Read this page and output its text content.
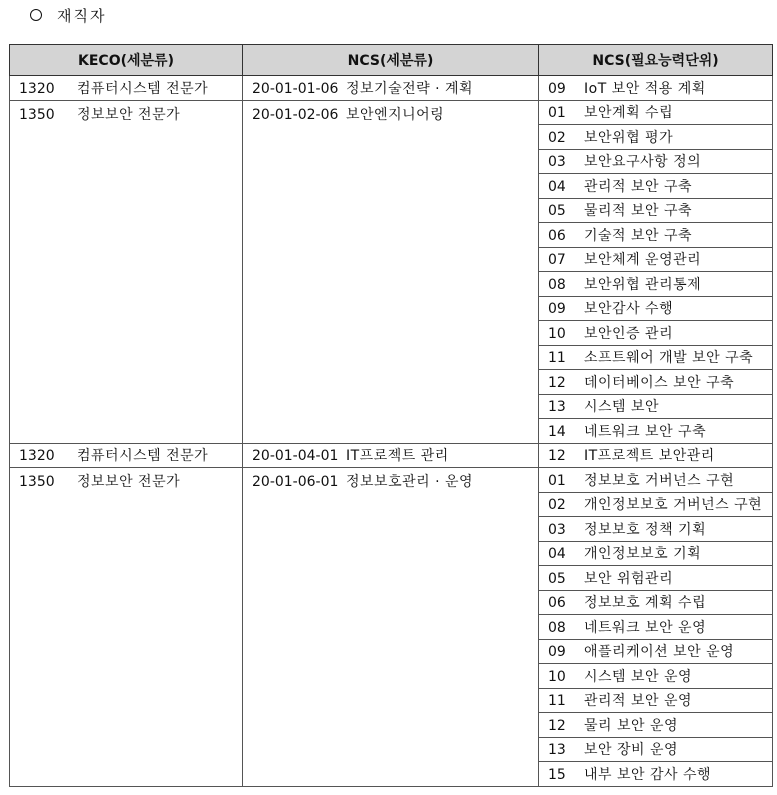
재직자
KECO(세분류)	NCS(세분류)	NCS(필요능력단위)
1320 컴퓨터시스템 전문가	20-01-01-06 정보기술전략 · 계획	09 IoT 보안 적용 계획
1350 정보보안 전문가	20-01-02-06 보안엔지니어링	01 보안계획 수립
		02 보안위협 평가
		03 보안요구사항 정의
		04 관리적 보안 구축
		05 물리적 보안 구축
		06 기술적 보안 구축
		07 보안체계 운영관리
		08 보안위협 관리통제
		09 보안감사 수행
		10 보안인증 관리
		11 소프트웨어 개발 보안 구축
		12 데이터베이스 보안 구축
		13 시스템 보안
		14 네트워크 보안 구축
1320 컴퓨터시스템 전문가	20-01-04-01 IT프로젝트 관리	12 IT프로젝트 보안관리
1350 정보보안 전문가	20-01-06-01 정보보호관리 · 운영	01 정보보호 거버넌스 구현
		02 개인정보보호 거버넌스 구현
		03 정보보호 정책 기획
		04 개인정보보호 기획
		05 보안 위험관리
		06 정보보호 계획 수립
		08 네트워크 보안 운영
		09 애플리케이션 보안 운영
		10 시스템 보안 운영
		11 관리적 보안 운영
		12 물리 보안 운영
		13 보안 장비 운영
		15 내부 보안 감사 수행
